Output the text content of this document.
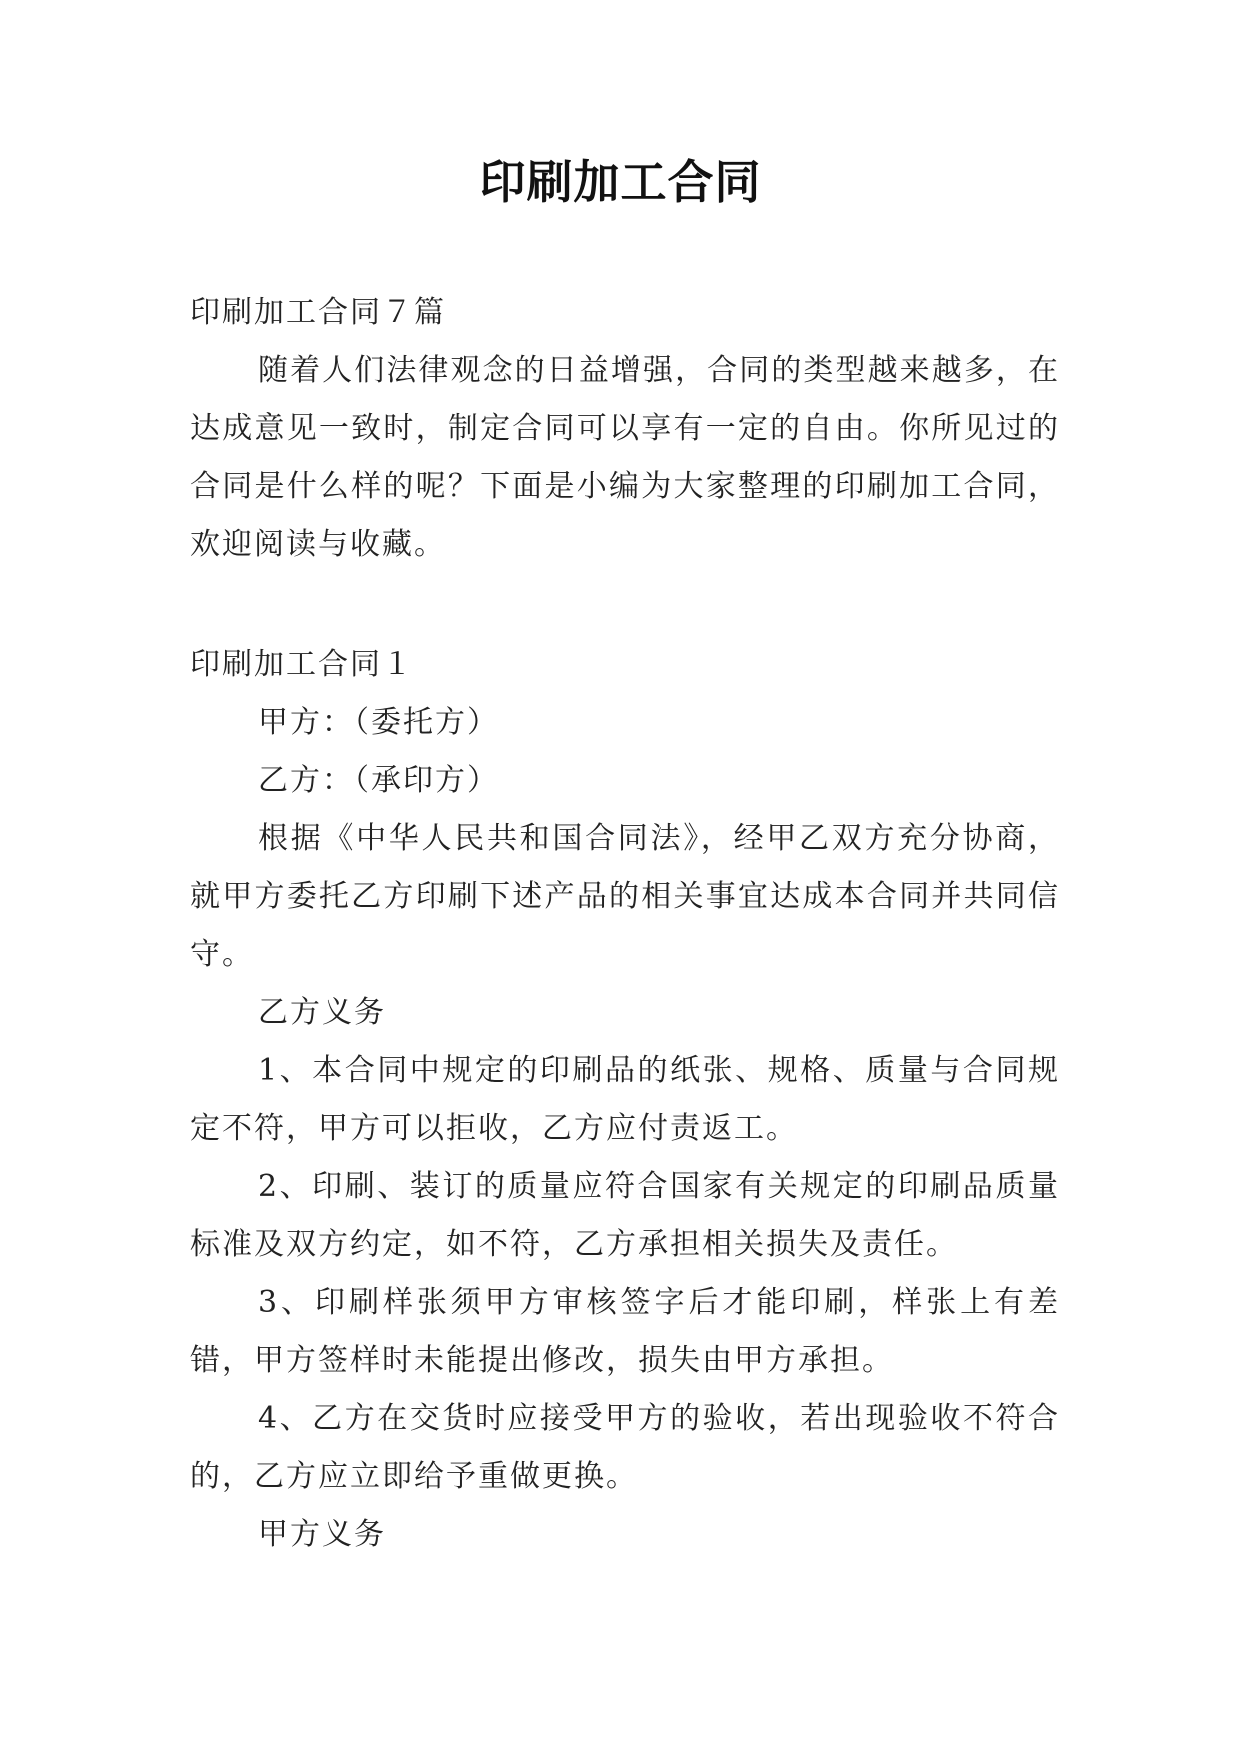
印刷加工合同

印刷加工合同７篇

随着人们法律观念的日益增强，合同的类型越来越多，在达成意见一致时，制定合同可以享有一定的自由。你所见过的合同是什么样的呢？下面是小编为大家整理的印刷加工合同，欢迎阅读与收藏。

印刷加工合同１

甲方：（委托方）

乙方：（承印方）

根据《中华人民共和国合同法》，经甲乙双方充分协商，就甲方委托乙方印刷下述产品的相关事宜达成本合同并共同信守。

乙方义务

1、本合同中规定的印刷品的纸张、规格、质量与合同规定不符，甲方可以拒收，乙方应付责返工。

2、印刷、装订的质量应符合国家有关规定的印刷品质量标准及双方约定，如不符，乙方承担相关损失及责任。

3、印刷样张须甲方审核签字后才能印刷，样张上有差错，甲方签样时未能提出修改，损失由甲方承担。

4、乙方在交货时应接受甲方的验收，若出现验收不符合的，乙方应立即给予重做更换。

甲方义务
